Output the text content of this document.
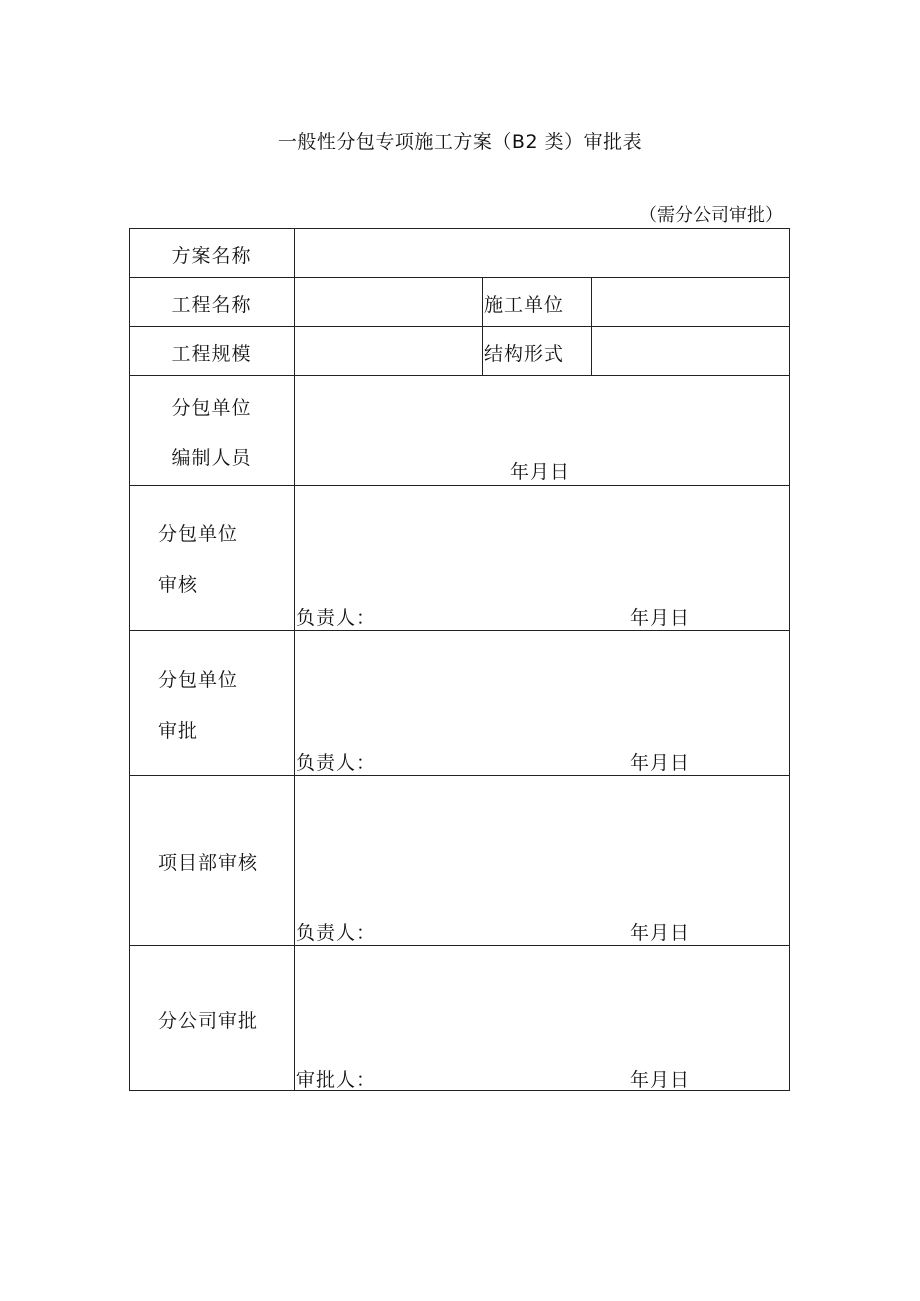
一般性分包专项施工方案（B2 类）审批表
（需分公司审批）
方案名称
工程名称	施工单位
工程规模	结构形式
分包单位
编制人员
年月日
分包单位
审核
负责人：	年月日
分包单位
审批
负责人：	年月日
项目部审核
负责人：	年月日
分公司审批
审批人：	年月日
